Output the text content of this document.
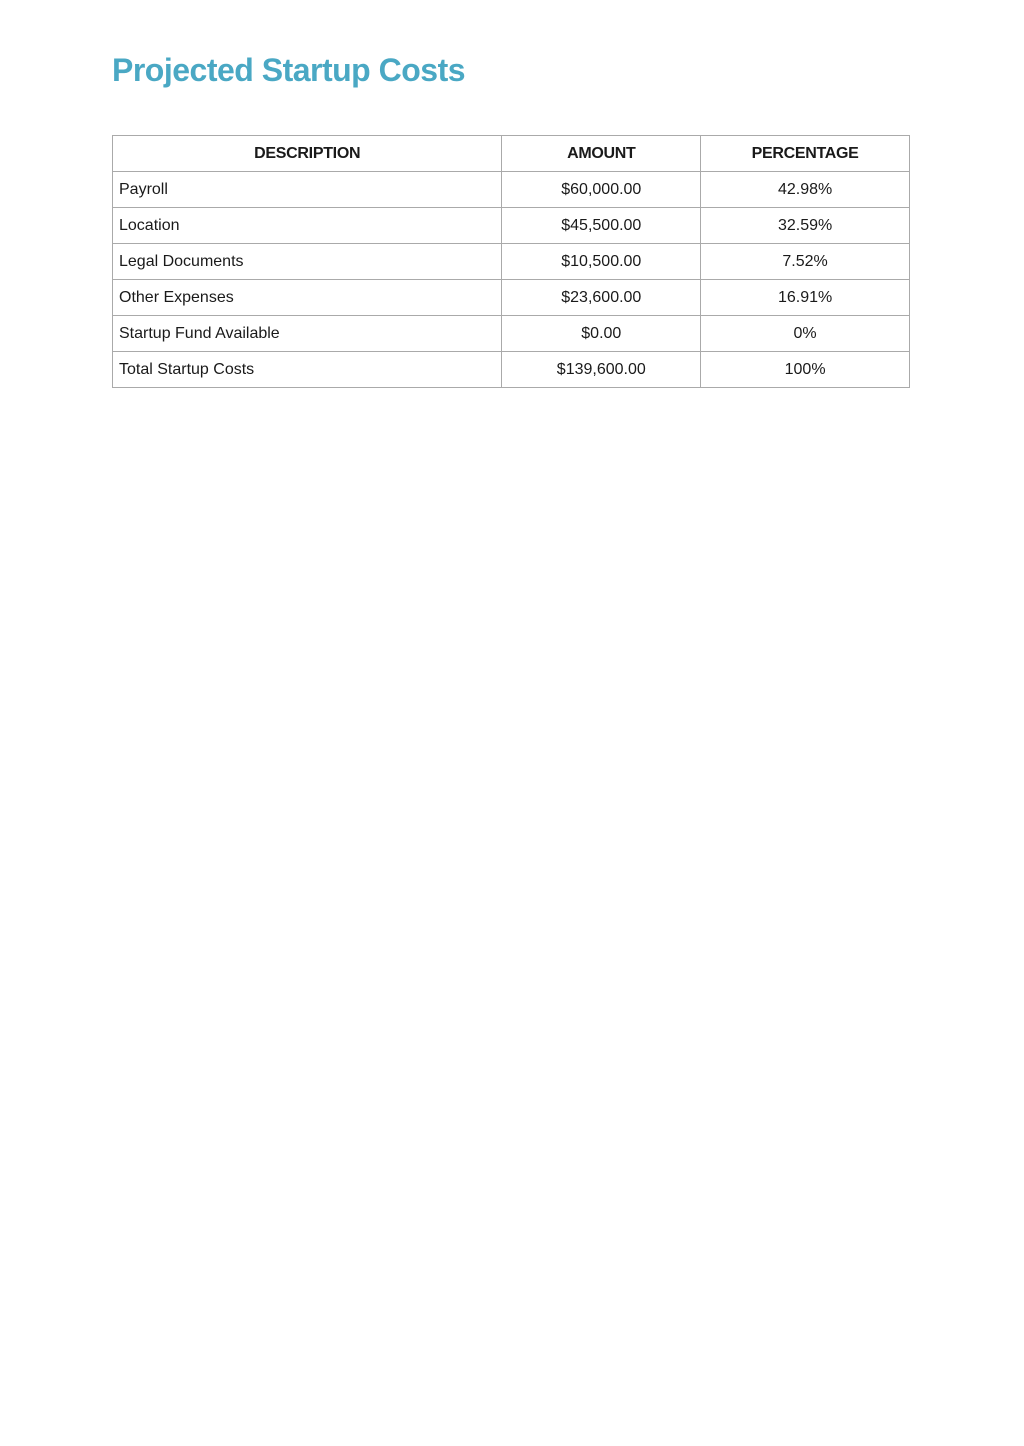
Projected Startup Costs
DESCRIPTION	AMOUNT	PERCENTAGE
Payroll	$60,000.00	42.98%
Location	$45,500.00	32.59%
Legal Documents	$10,500.00	7.52%
Other Expenses	$23,600.00	16.91%
Startup Fund Available	$0.00	0%
Total Startup Costs	$139,600.00	100%
